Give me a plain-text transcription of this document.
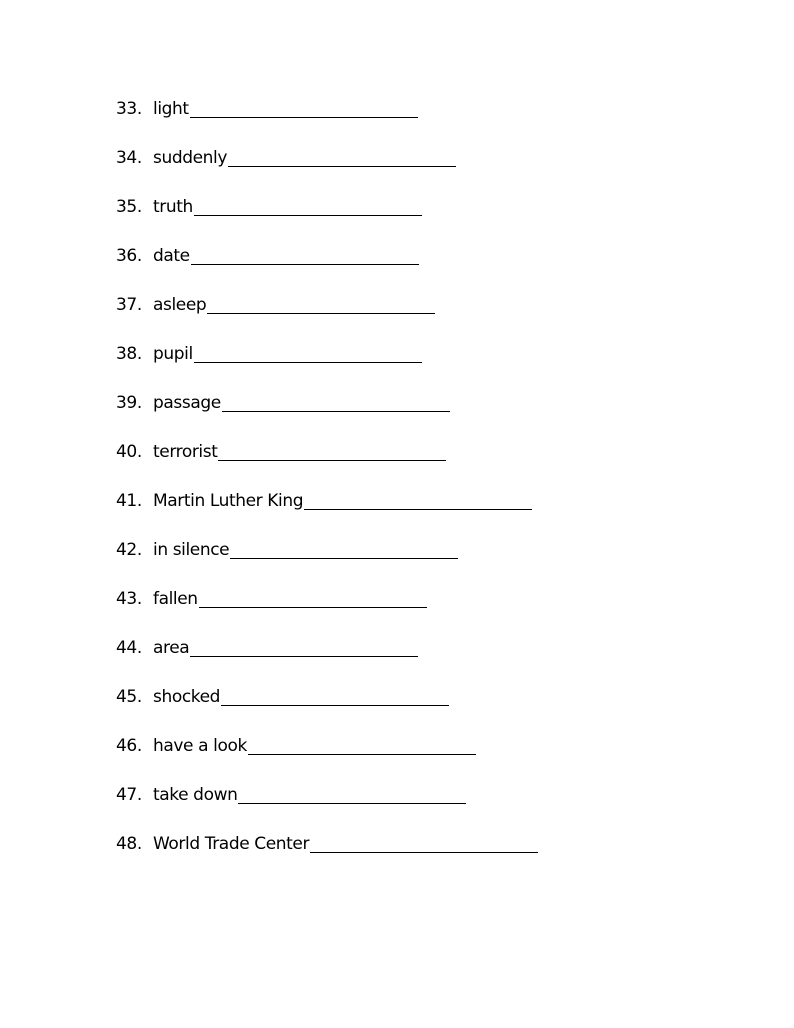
33. light
34. suddenly
35. truth
36. date
37. asleep
38. pupil
39. passage
40. terrorist
41. Martin Luther King
42. in silence
43. fallen
44. area
45. shocked
46. have a look
47. take down
48. World Trade Center
